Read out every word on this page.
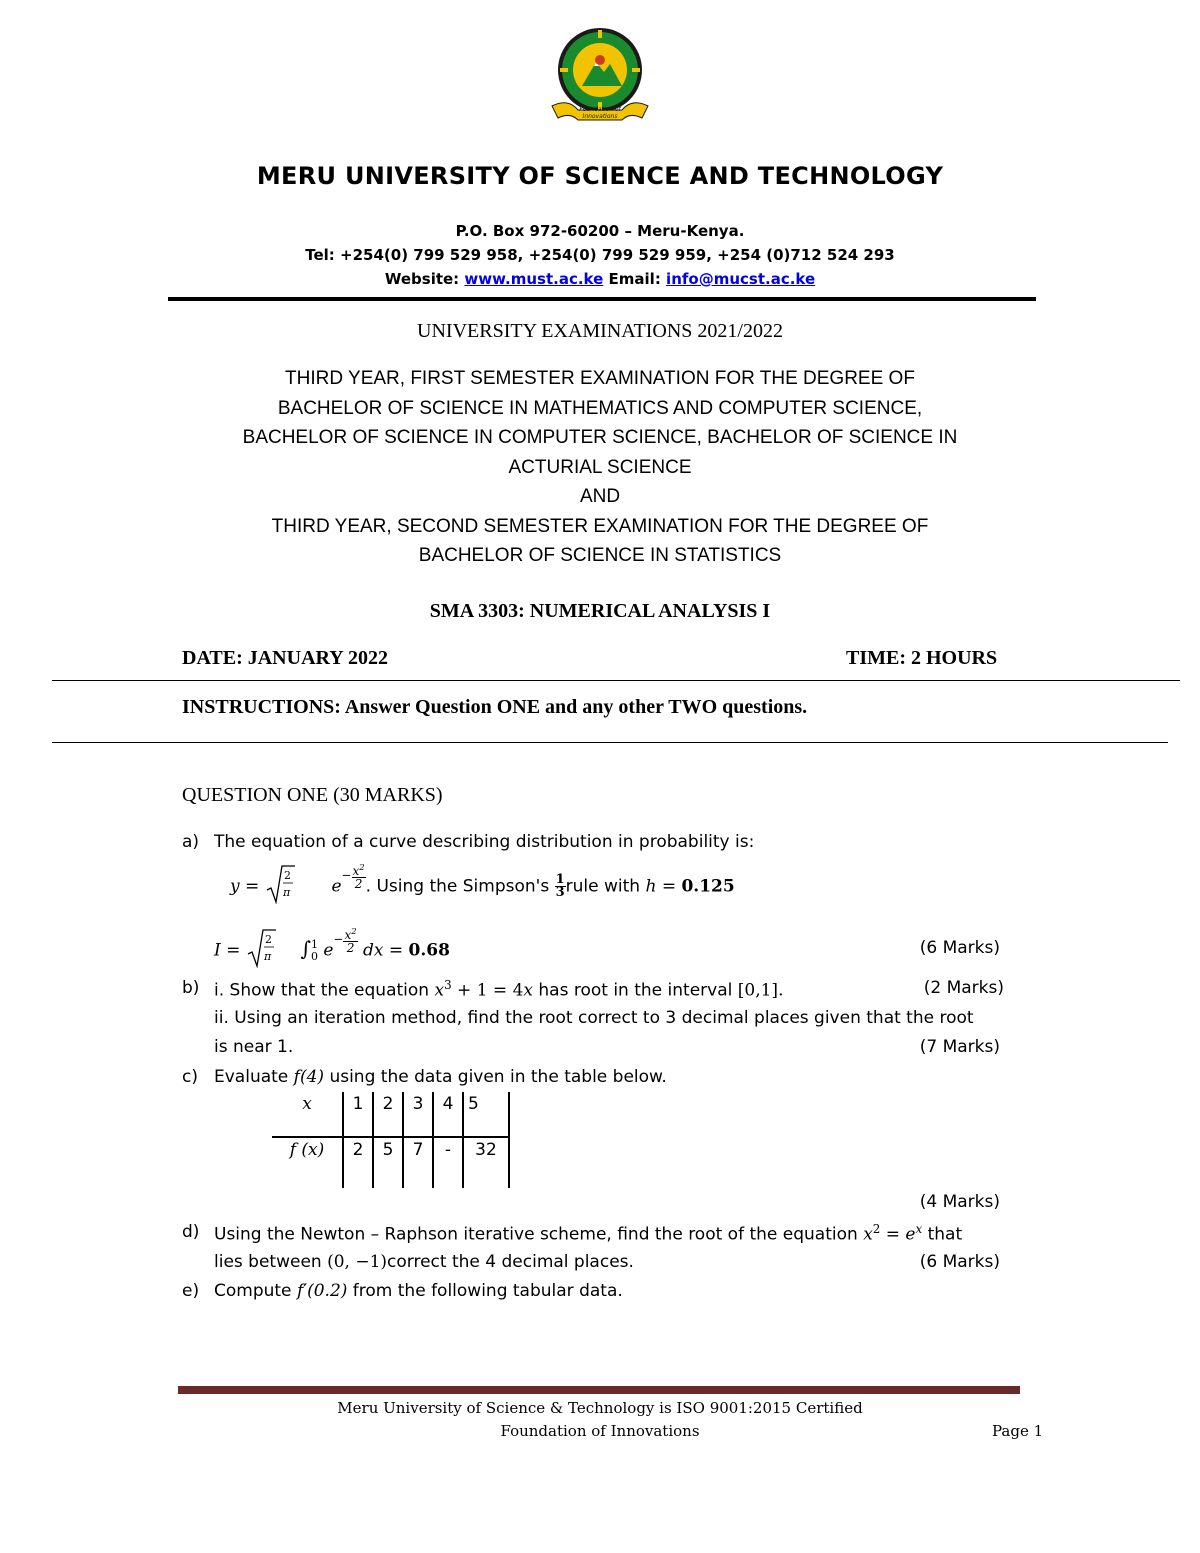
Foundation of Innovations
MERU UNIVERSITY OF SCIENCE AND TECHNOLOGY
P.O. Box 972-60200 – Meru-Kenya.
Tel: +254(0) 799 529 958, +254(0) 799 529 959, +254 (0)712 524 293
Website: www.must.ac.ke Email: info@mucst.ac.ke
UNIVERSITY EXAMINATIONS 2021/2022
THIRD YEAR, FIRST SEMESTER EXAMINATION FOR THE DEGREE OF
BACHELOR OF SCIENCE IN MATHEMATICS AND COMPUTER SCIENCE,
BACHELOR OF SCIENCE IN COMPUTER SCIENCE, BACHELOR OF SCIENCE IN
ACTURIAL SCIENCE
AND
THIRD YEAR, SECOND SEMESTER EXAMINATION FOR THE DEGREE OF
BACHELOR OF SCIENCE IN STATISTICS
SMA 3303: NUMERICAL ANALYSIS I
DATE: JANUARY 2022	TIME: 2 HOURS
INSTRUCTIONS: Answer Question ONE and any other TWO questions.
QUESTION ONE (30 MARKS)
a) The equation of a curve describing distribution in probability is:
y =
2
π $e^{- \frac{x^2}{2}}$ . Using the Simpson's $\frac{1}{3}$ rule with h = 0.125
I =
2
π ∫ 1
0 $e^{- \frac{x^2}{2}}$ dx = 0.68	(6 Marks)
b) i. Show that the equation $x^3 + 1 = 4x$ has root in the interval [0,1].	(2 Marks)
ii. Using an iteration method, find the root correct to 3 decimal places given that the root
is near 1.	(7 Marks)
c) Evaluate f(4) using the data given in the table below.
x	1	2	3	4	5
f (x)	2	5	7	-	32
(4 Marks)
d) Using the Newton – Raphson iterative scheme, find the root of the equation $x^2 = e^x$ that
lies between (0, −1)correct the 4 decimal places.	(6 Marks)
e) Compute f′(0.2) from the following tabular data.
Meru University of Science & Technology is ISO 9001:2015 Certified
Foundation of Innovations	Page 1
